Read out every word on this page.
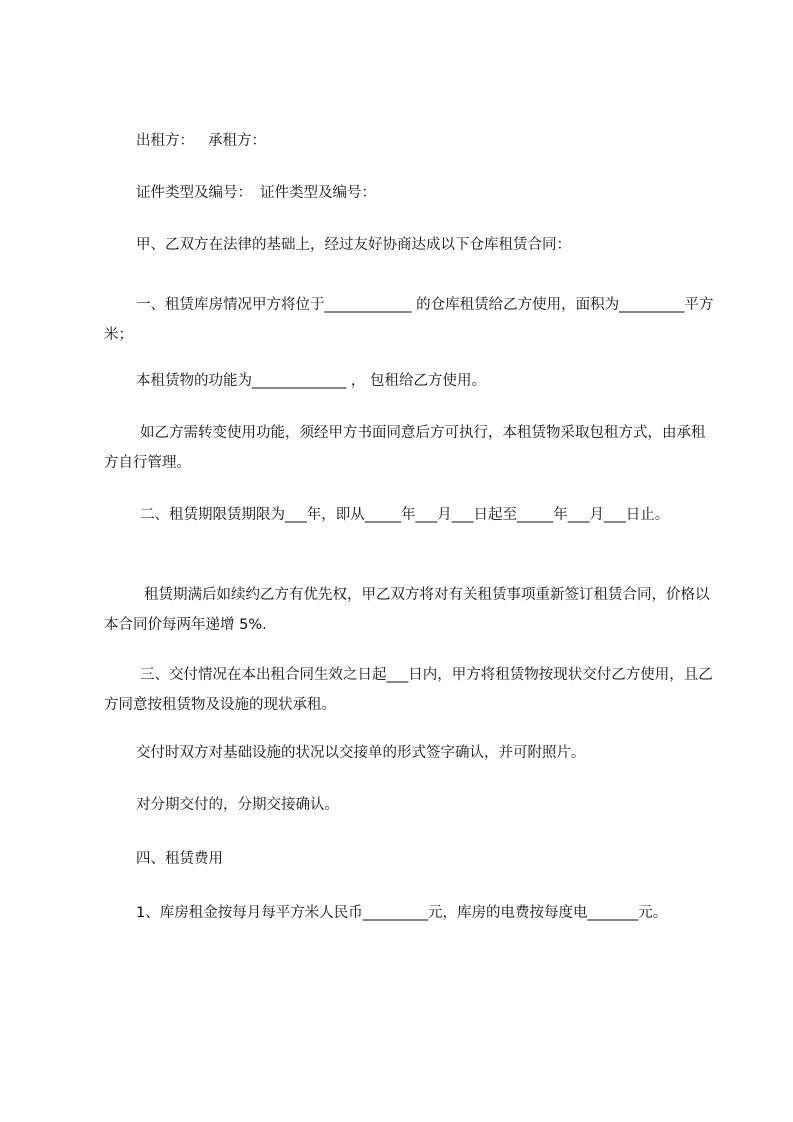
出租方： 承租方：

证件类型及编号： 证件类型及编号：

甲、乙双方在法律的基础上，经过友好协商达成以下仓库租赁合同：

一、租赁库房情况甲方将位于____________ 的仓库租赁给乙方使用，面积为_________平方米；

本租赁物的功能为_____________ ， 包租给乙方使用。

如乙方需转变使用功能，须经甲方书面同意后方可执行，本租赁物采取包租方式，由承租方自行管理。

二、租赁期限赁期限为___年，即从_____年___月___日起至_____年___月___日止。

租赁期满后如续约乙方有优先权，甲乙双方将对有关租赁事项重新签订租赁合同，价格以本合同价每两年递增 5%.

三、交付情况在本出租合同生效之日起___日内，甲方将租赁物按现状交付乙方使用，且乙方同意按租赁物及设施的现状承租。

交付时双方对基础设施的状况以交接单的形式签字确认，并可附照片。

对分期交付的，分期交接确认。

四、租赁费用

1、库房租金按每月每平方米人民币_________元，库房的电费按每度电_______元。
